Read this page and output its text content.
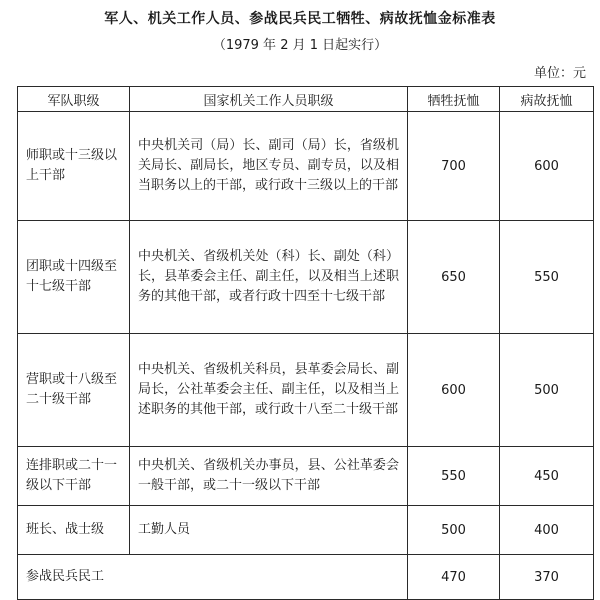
军人、机关工作人员、参战民兵民工牺牲、病故抚恤金标准表
（1979 年 2 月 1 日起实行）
单位：元
军队职级	国家机关工作人员职级	牺牲抚恤	病故抚恤
师职或十三级以上干部	中央机关司（局）长、副司（局）长，省级机关局长、副局长，地区专员、副专员，以及相当职务以上的干部，或行政十三级以上的干部	700	600
团职或十四级至十七级干部	中央机关、省级机关处（科）长、副处（科）长，县革委会主任、副主任，以及相当上述职务的其他干部，或者行政十四至十七级干部	650	550
营职或十八级至二十级干部	中央机关、省级机关科员，县革委会局长、副局长，公社革委会主任、副主任，以及相当上述职务的其他干部，或行政十八至二十级干部	600	500
连排职或二十一级以下干部	中央机关、省级机关办事员，县、公社革委会一般干部，或二十一级以下干部	550	450
班长、战士级	工勤人员	500	400
参战民兵民工		470	370
